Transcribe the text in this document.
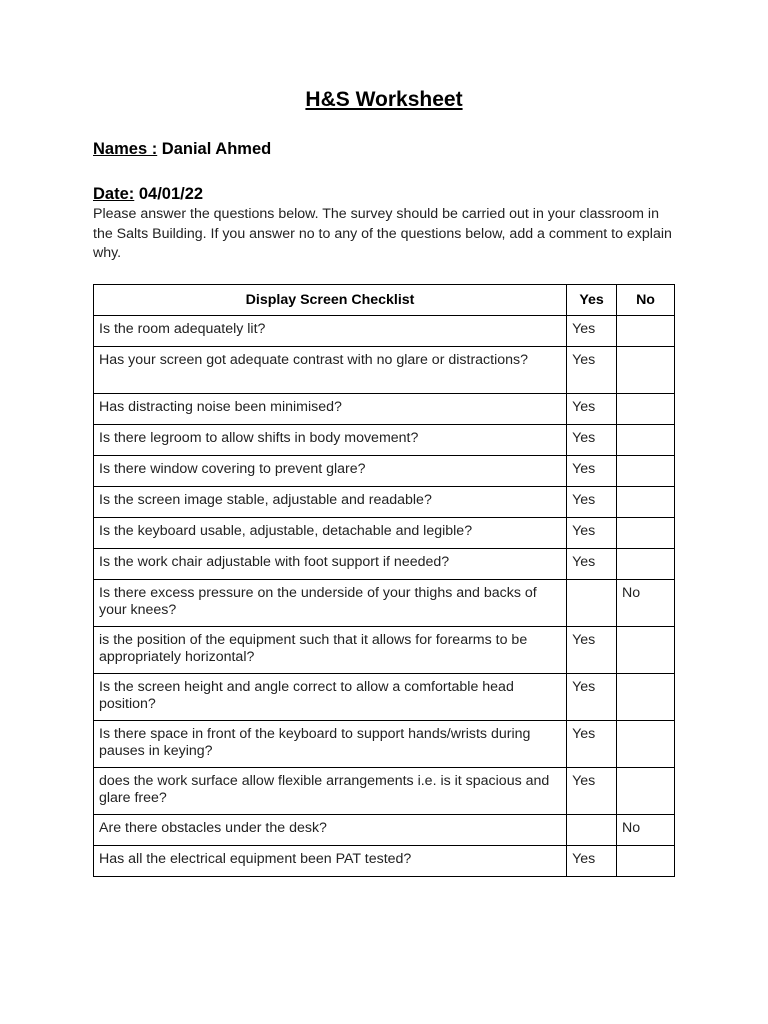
H&S Worksheet
Names : Danial Ahmed
Date: 04/01/22
Please answer the questions below. The survey should be carried out in your classroom in the Salts Building. If you answer no to any of the questions below, add a comment to explain why.
Display Screen Checklist	Yes	No
Is the room adequately lit?	Yes	
Has your screen got adequate contrast with no glare or distractions?	Yes	
Has distracting noise been minimised?	Yes	
Is there legroom to allow shifts in body movement?	Yes	
Is there window covering to prevent glare?	Yes	
Is the screen image stable, adjustable and readable?	Yes	
Is the keyboard usable, adjustable, detachable and legible?	Yes	
Is the work chair adjustable with foot support if needed?	Yes	
Is there excess pressure on the underside of your thighs and backs of your knees?		No
is the position of the equipment such that it allows for forearms to be appropriately horizontal?	Yes	
Is the screen height and angle correct to allow a comfortable head position?	Yes	
Is there space in front of the keyboard to support hands/wrists during pauses in keying?	Yes	
does the work surface allow flexible arrangements i.e. is it spacious and glare free?	Yes	
Are there obstacles under the desk?		No
Has all the electrical equipment been PAT tested?	Yes	
